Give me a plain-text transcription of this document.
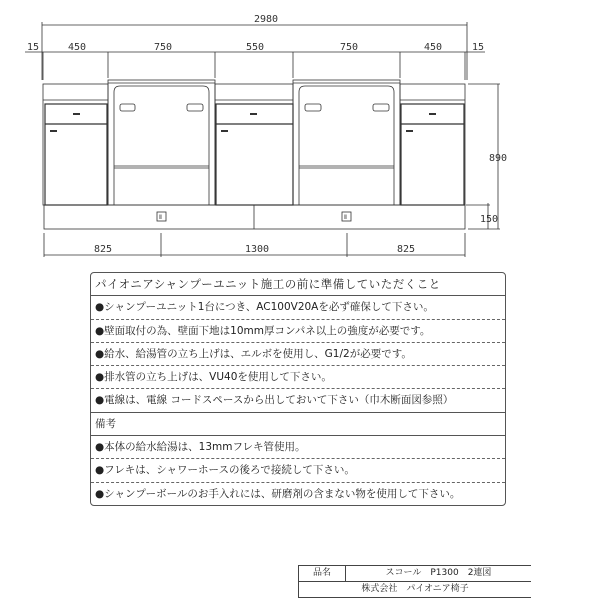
2980
15	450	750	550	750	450	15
Ⅱ	Ⅱ
890
150
825	1300	825
パイオニアシャンプーユニット施工の前に準備していただくこと
●シャンプーユニット1台につき、AC100V20Aを必ず確保して下さい。
●壁面取付の為、壁面下地は10mm厚コンパネ以上の強度が必要です。
●給水、給湯管の立ち上げは、エルボを使用し、G1/2が必要です。
●排水管の立ち上げは、VU40を使用して下さい。
●電線は、電線 コードスペースから出しておいて下さい（巾木断面図参照）
備考
●本体の給水給湯は、13mmフレキ管使用。
●フレキは、シャワーホースの後ろで接続して下さい。
●シャンプーボールのお手入れには、研磨剤の含まない物を使用して下さい。
品名	スコール　P1300　2連図
株式会社　パイオニア椅子
